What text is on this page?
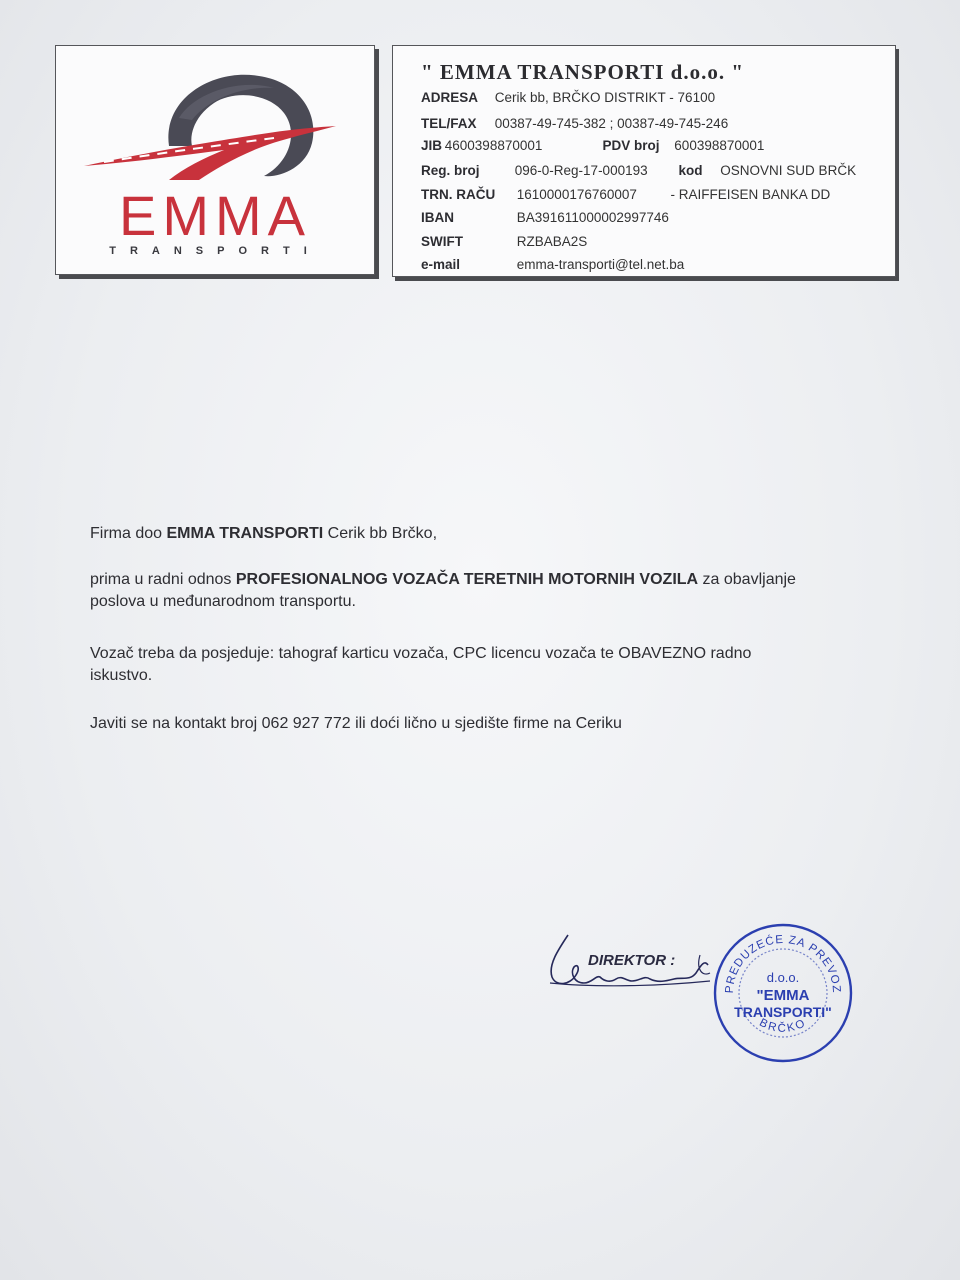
EMMA
TRANSPORTI
" EMMA TRANSPORTI d.o.o. "
ADRESA Cerik bb, BRČKO DISTRIKT - 76100
TEL/FAX 00387-49-745-382 ; 00387-49-745-246
JIB 4600398870001	PDV broj 600398870001
Reg. broj	096-0-Reg-17-000193 kod OSNOVNI SUD BRČK
TRN. RAČU 1610000176760007 - RAIFFEISEN BANKA DD
IBAN	BA391611000002997746
SWIFT	RZBABA2S
e-mail	emma-transporti@tel.net.ba
Firma doo EMMA TRANSPORTI Cerik bb Brčko,
prima u radni odnos PROFESIONALNOG VOZAČA TERETNIH MOTORNIH VOZILA za obavljanje
poslova u međunarodnom transportu.
Vozač treba da posjeduje: tahograf karticu vozača, CPC licencu vozača te OBAVEZNO radno
iskustvo.
Javiti se na kontakt broj 062 927 772 ili doći lično u sjedište firme na Ceriku
DIREKTOR :
PREDUZEĆE ZA PREVOZ
BRČKO
d.o.o.
"EMMA
TRANSPORTI"
